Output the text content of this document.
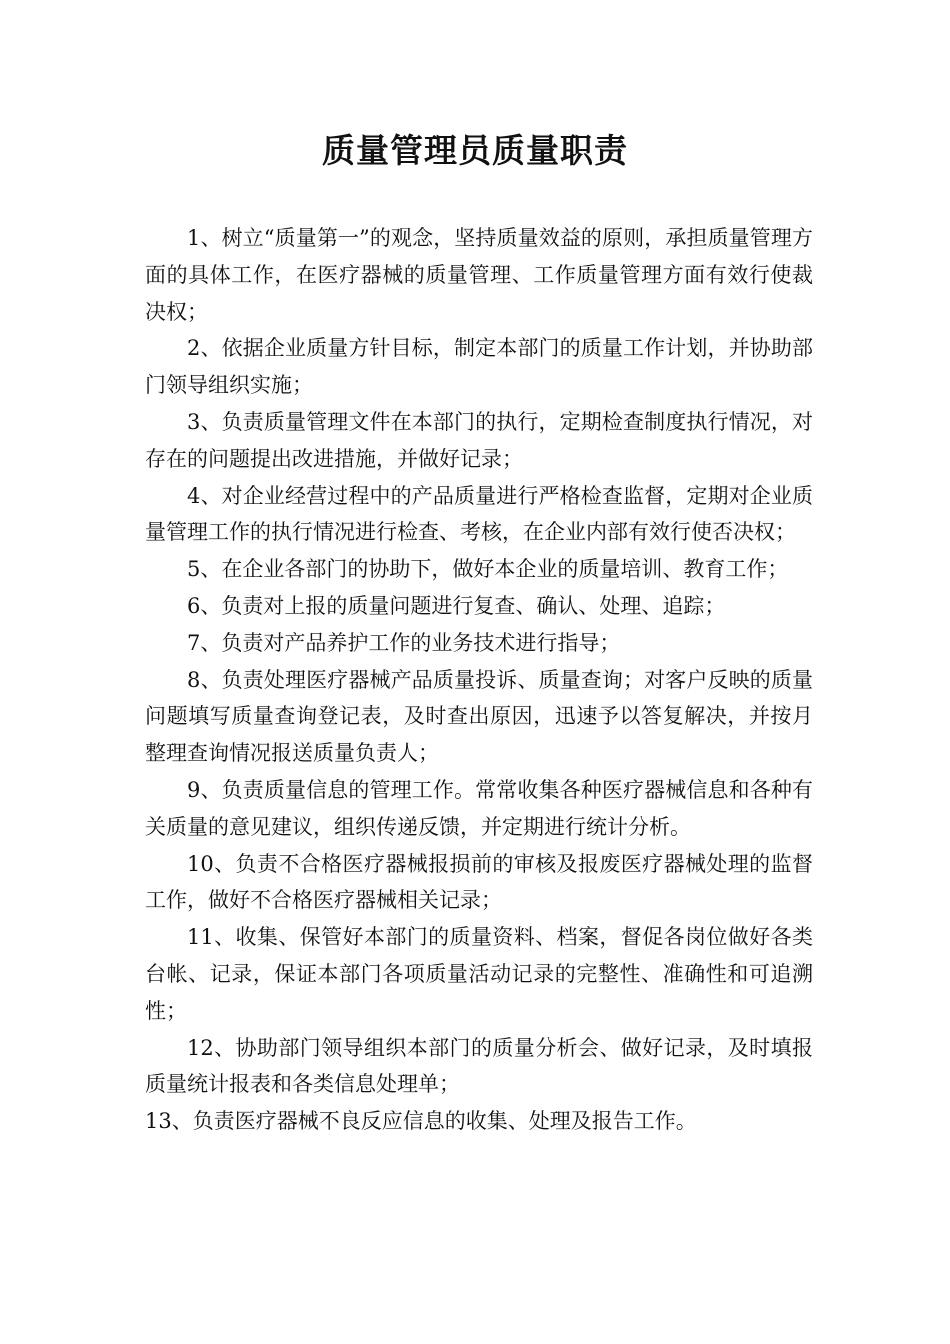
质量管理员质量职责

1、树立“质量第一”的观念，坚持质量效益的原则，承担质量管理方面的具体工作，在医疗器械的质量管理、工作质量管理方面有效行使裁决权；

2、依据企业质量方针目标，制定本部门的质量工作计划，并协助部门领导组织实施；

3、负责质量管理文件在本部门的执行，定期检查制度执行情况，对存在的问题提出改进措施，并做好记录；

4、对企业经营过程中的产品质量进行严格检查监督，定期对企业质量管理工作的执行情况进行检查、考核，在企业内部有效行使否决权；

5、在企业各部门的协助下，做好本企业的质量培训、教育工作；

6、负责对上报的质量问题进行复查、确认、处理、追踪；

7、负责对产品养护工作的业务技术进行指导；

8、负责处理医疗器械产品质量投诉、质量查询；对客户反映的质量问题填写质量查询登记表，及时查出原因，迅速予以答复解决，并按月整理查询情况报送质量负责人；

9、负责质量信息的管理工作。常常收集各种医疗器械信息和各种有关质量的意见建议，组织传递反馈，并定期进行统计分析。

10、负责不合格医疗器械报损前的审核及报废医疗器械处理的监督工作，做好不合格医疗器械相关记录；

11、收集、保管好本部门的质量资料、档案，督促各岗位做好各类台帐、记录，保证本部门各项质量活动记录的完整性、准确性和可追溯性；

12、协助部门领导组织本部门的质量分析会、做好记录，及时填报质量统计报表和各类信息处理单；

13、负责医疗器械不良反应信息的收集、处理及报告工作。
